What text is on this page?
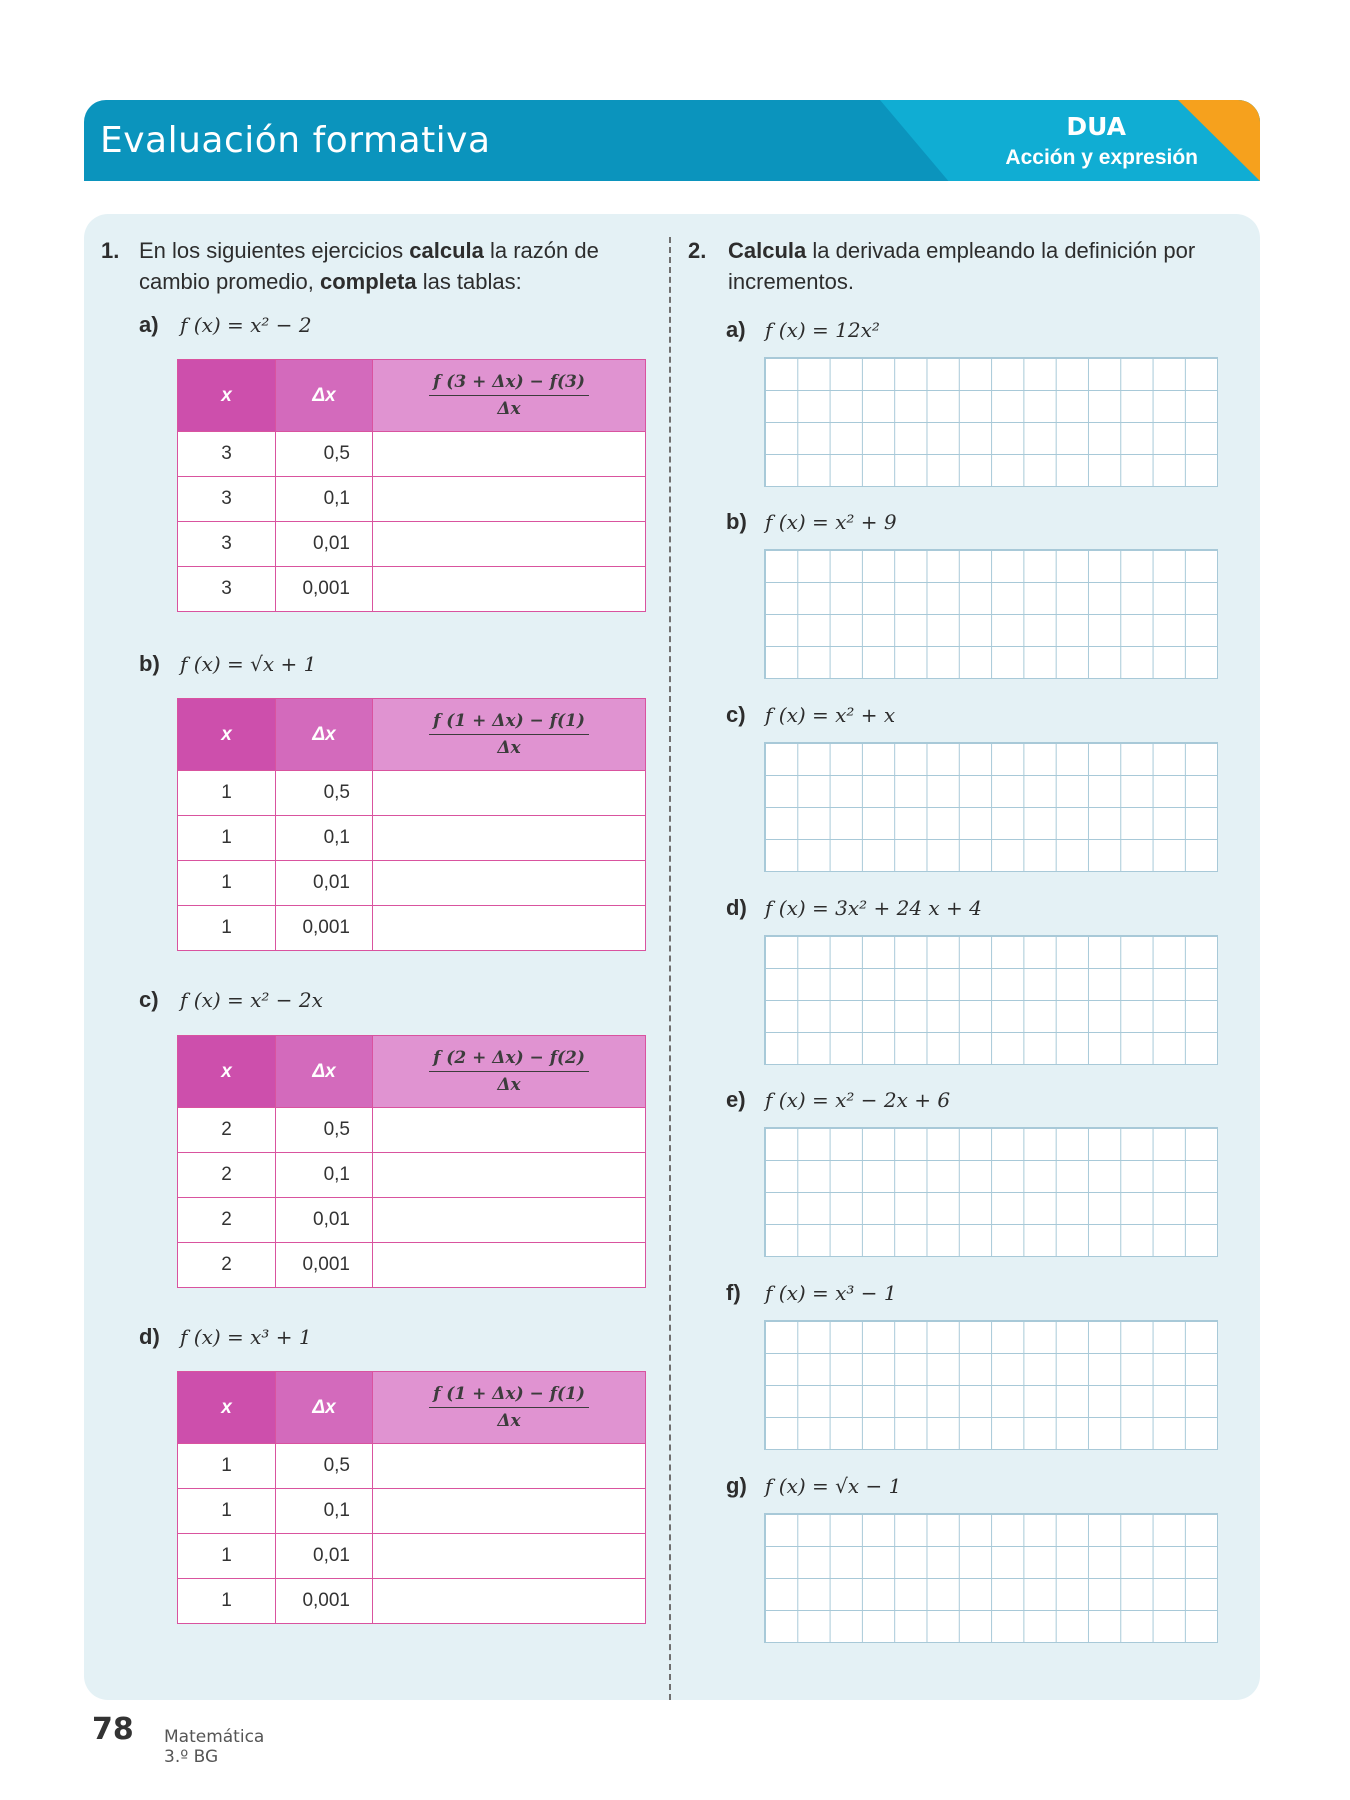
Evaluación formativa	DUA
Acción y expresión
1. En los siguientes ejercicios calcula la razón de cambio promedio, completa las tablas:
a) f (x) = x² − 2
x	Δx	$\frac{f (3 + \Delta x) - f(3)}{\Delta x}$

3	0,5	
3	0,1	
3	0,01	
3	0,001	
b) f (x) = √x + 1
x	Δx	$\frac{f (1 + \Delta x) - f(1)}{\Delta x}$

1	0,5	
1	0,1	
1	0,01	
1	0,001	
c) f (x) = x² − 2x
x	Δx	$\frac{f (2 + \Delta x) - f(2)}{\Delta x}$

2	0,5	
2	0,1	
2	0,01	
2	0,001	
d) f (x) = x³ + 1
x	Δx	$\frac{f (1 + \Delta x) - f(1)}{\Delta x}$

1	0,5	
1	0,1	
1	0,01	
1	0,001	
2. Calcula la derivada empleando la definición por incrementos.
a) f (x) = 12x²
b) f (x) = x² + 9
c) f (x) = x² + x
d) f (x) = 3x² + 24 x + 4
e) f (x) = x² − 2x + 6
f) f (x) = x³ − 1
g) f (x) = √x − 1
78 Matemática
3.º BG
